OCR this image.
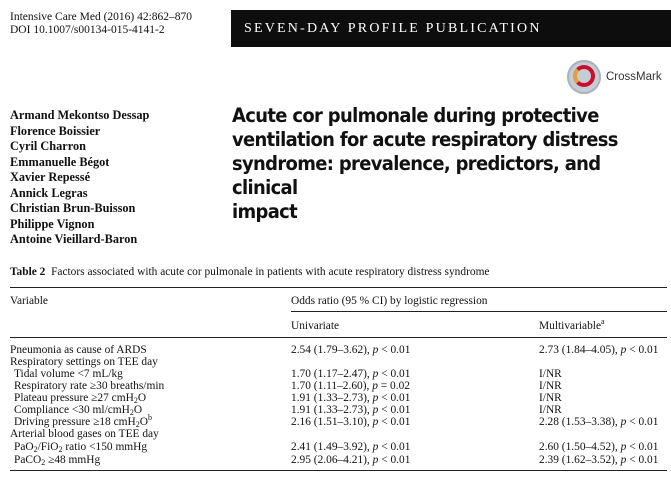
Intensive Care Med (2016) 42:862–870
DOI 10.1007/s00134-015-4141-2	SEVEN-DAY PROFILE PUBLICATION
CrossMark
Armand Mekontso Dessap
Florence Boissier
Cyril Charron
Emmanuelle Bégot
Xavier Repessé
Annick Legras
Christian Brun-Buisson
Philippe Vignon
Antoine Vieillard-Baron
Acute cor pulmonale during protective
ventilation for acute respiratory distress
syndrome: prevalence, predictors, and clinical
impact
Table 2 Factors associated with acute cor pulmonale in patients with acute respiratory distress syndrome
Variable	Odds ratio (95 % CI) by logistic regression
Univariate	Multivariable$^a$
Pneumonia as cause of ARDS	2.54 (1.79–3.62), p < 0.01	2.73 (1.84–4.05), p < 0.01
Respiratory settings on TEE day
Tidal volume <7 mL/kg	1.70 (1.17–2.47), p < 0.01	I/NR
Respiratory rate ≥30 breaths/min	1.70 (1.11–2.60), p = 0.02	I/NR
Plateau pressure ≥27 cmH$_2$O	1.91 (1.33–2.73), p < 0.01	I/NR
Compliance <30 ml/cmH$_2$O	1.91 (1.33–2.73), p < 0.01	I/NR
Driving pressure ≥18 $cmH_2O^b$	2.16 (1.51–3.10), p < 0.01	2.28 (1.53–3.38), p < 0.01
Arterial blood gases on TEE day
PaO$_2$/FiO$_2$ ratio <150 mmHg	2.41 (1.49–3.92), p < 0.01	2.60 (1.50–4.52), p < 0.01
PaCO$_2$ ≥48 mmHg	2.95 (2.06–4.21), p < 0.01	2.39 (1.62–3.52), p < 0.01
